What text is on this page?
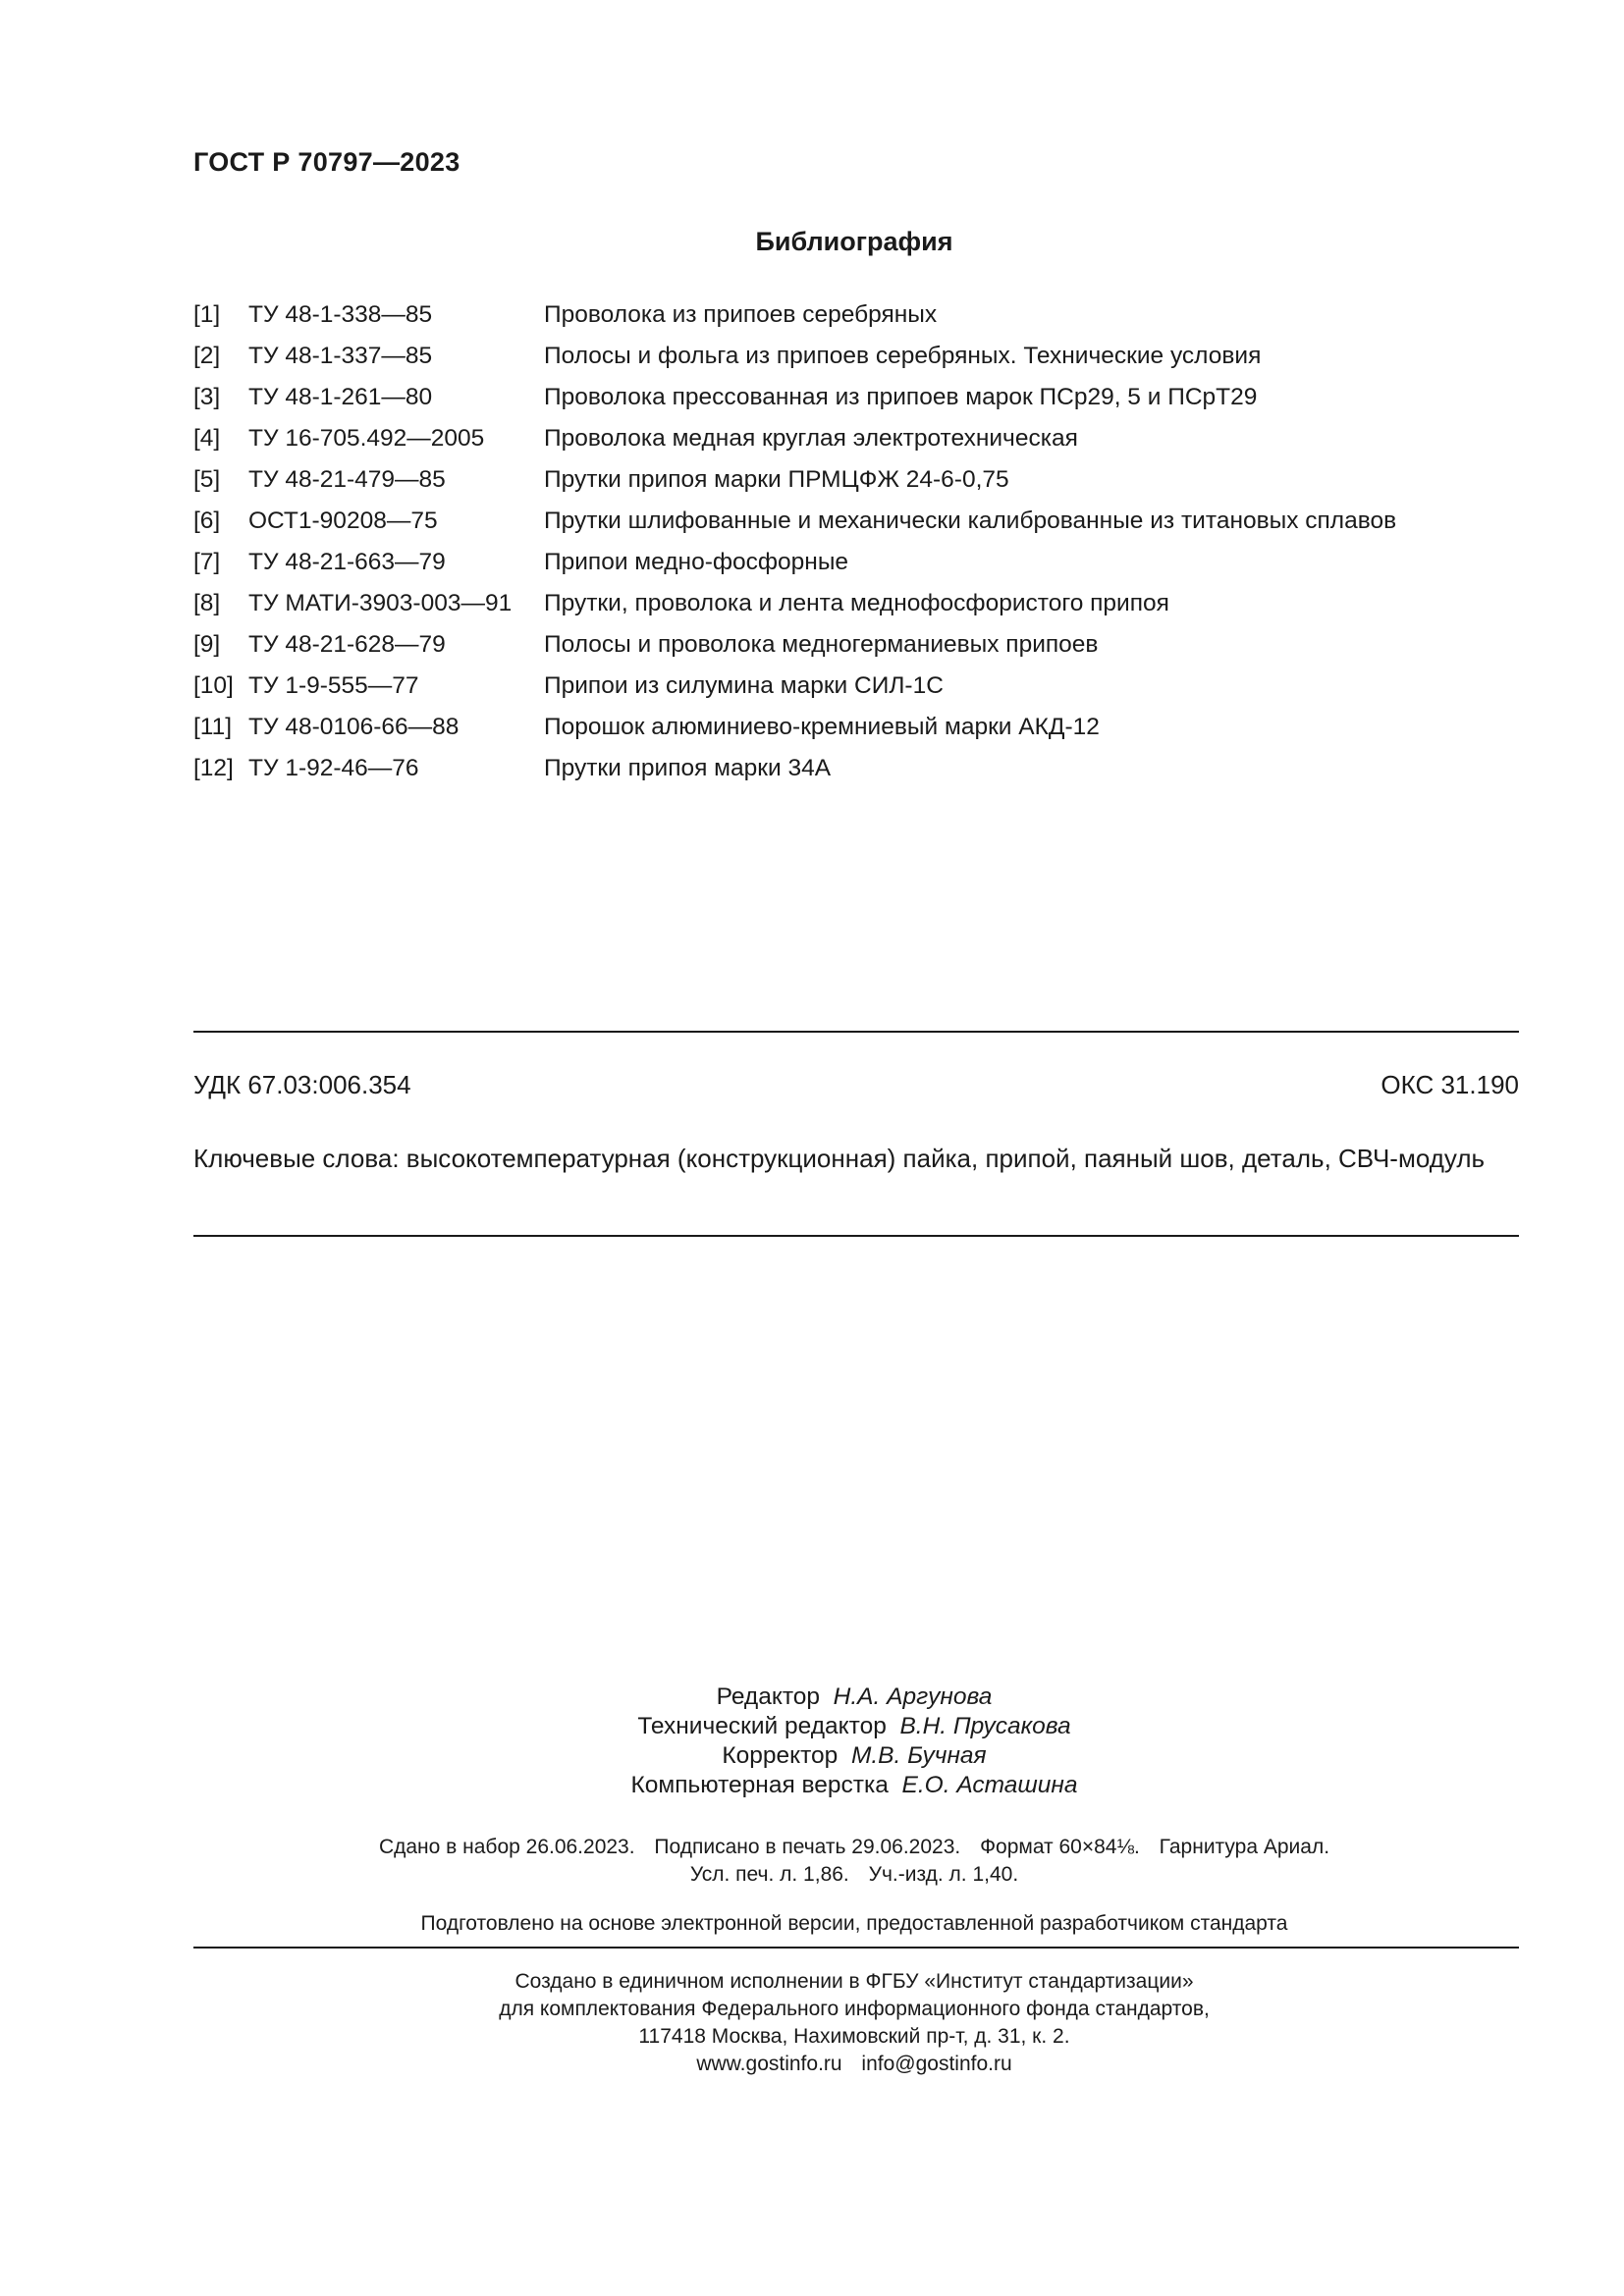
ГОСТ Р 70797—2023
Библиография
[1] ТУ 48-1-338—85	Проволока из припоев серебряных
[2] ТУ 48-1-337—85	Полосы и фольга из припоев серебряных. Технические условия
[3] ТУ 48-1-261—80	Проволока прессованная из припоев марок ПСр29, 5 и ПСрТ29
[4] ТУ 16-705.492—2005 Проволока медная круглая электротехническая
[5] ТУ 48-21-479—85	Прутки припоя марки ПРМЦФЖ 24-6-0,75
[6] ОСТ1-90208—75	Прутки шлифованные и механически калиброванные из титановых сплавов
[7] ТУ 48-21-663—79	Припои медно-фосфорные
[8] ТУ МАТИ-3903-003—91 Прутки, проволока и лента меднофосфористого припоя
[9] ТУ 48-21-628—79	Полосы и проволока медногерманиевых припоев
[10] ТУ 1-9-555—77	Припои из силумина марки СИЛ-1С
[11] ТУ 48-0106-66—88	Порошок алюминиево-кремниевый марки АКД-12
[12] ТУ 1-92-46—76	Прутки припоя марки 34А
УДК 67.03:006.354	ОКС 31.190
Ключевые слова: высокотемпературная (конструкционная) пайка, припой, паяный шов, деталь, СВЧ-модуль
Редактор Н.А. Аргунова
Технический редактор В.Н. Прусакова
Корректор М.В. Бучная
Компьютерная верстка Е.О. Асташина
Сдано в набор 26.06.2023. Подписано в печать 29.06.2023. Формат 60×84⅛. Гарнитура Ариал.
Усл. печ. л. 1,86. Уч.-изд. л. 1,40.
Подготовлено на основе электронной версии, предоставленной разработчиком стандарта
Создано в единичном исполнении в ФГБУ «Институт стандартизации»
для комплектования Федерального информационного фонда стандартов,
117418 Москва, Нахимовский пр-т, д. 31, к. 2.
www.gostinfo.ru info@gostinfo.ru
